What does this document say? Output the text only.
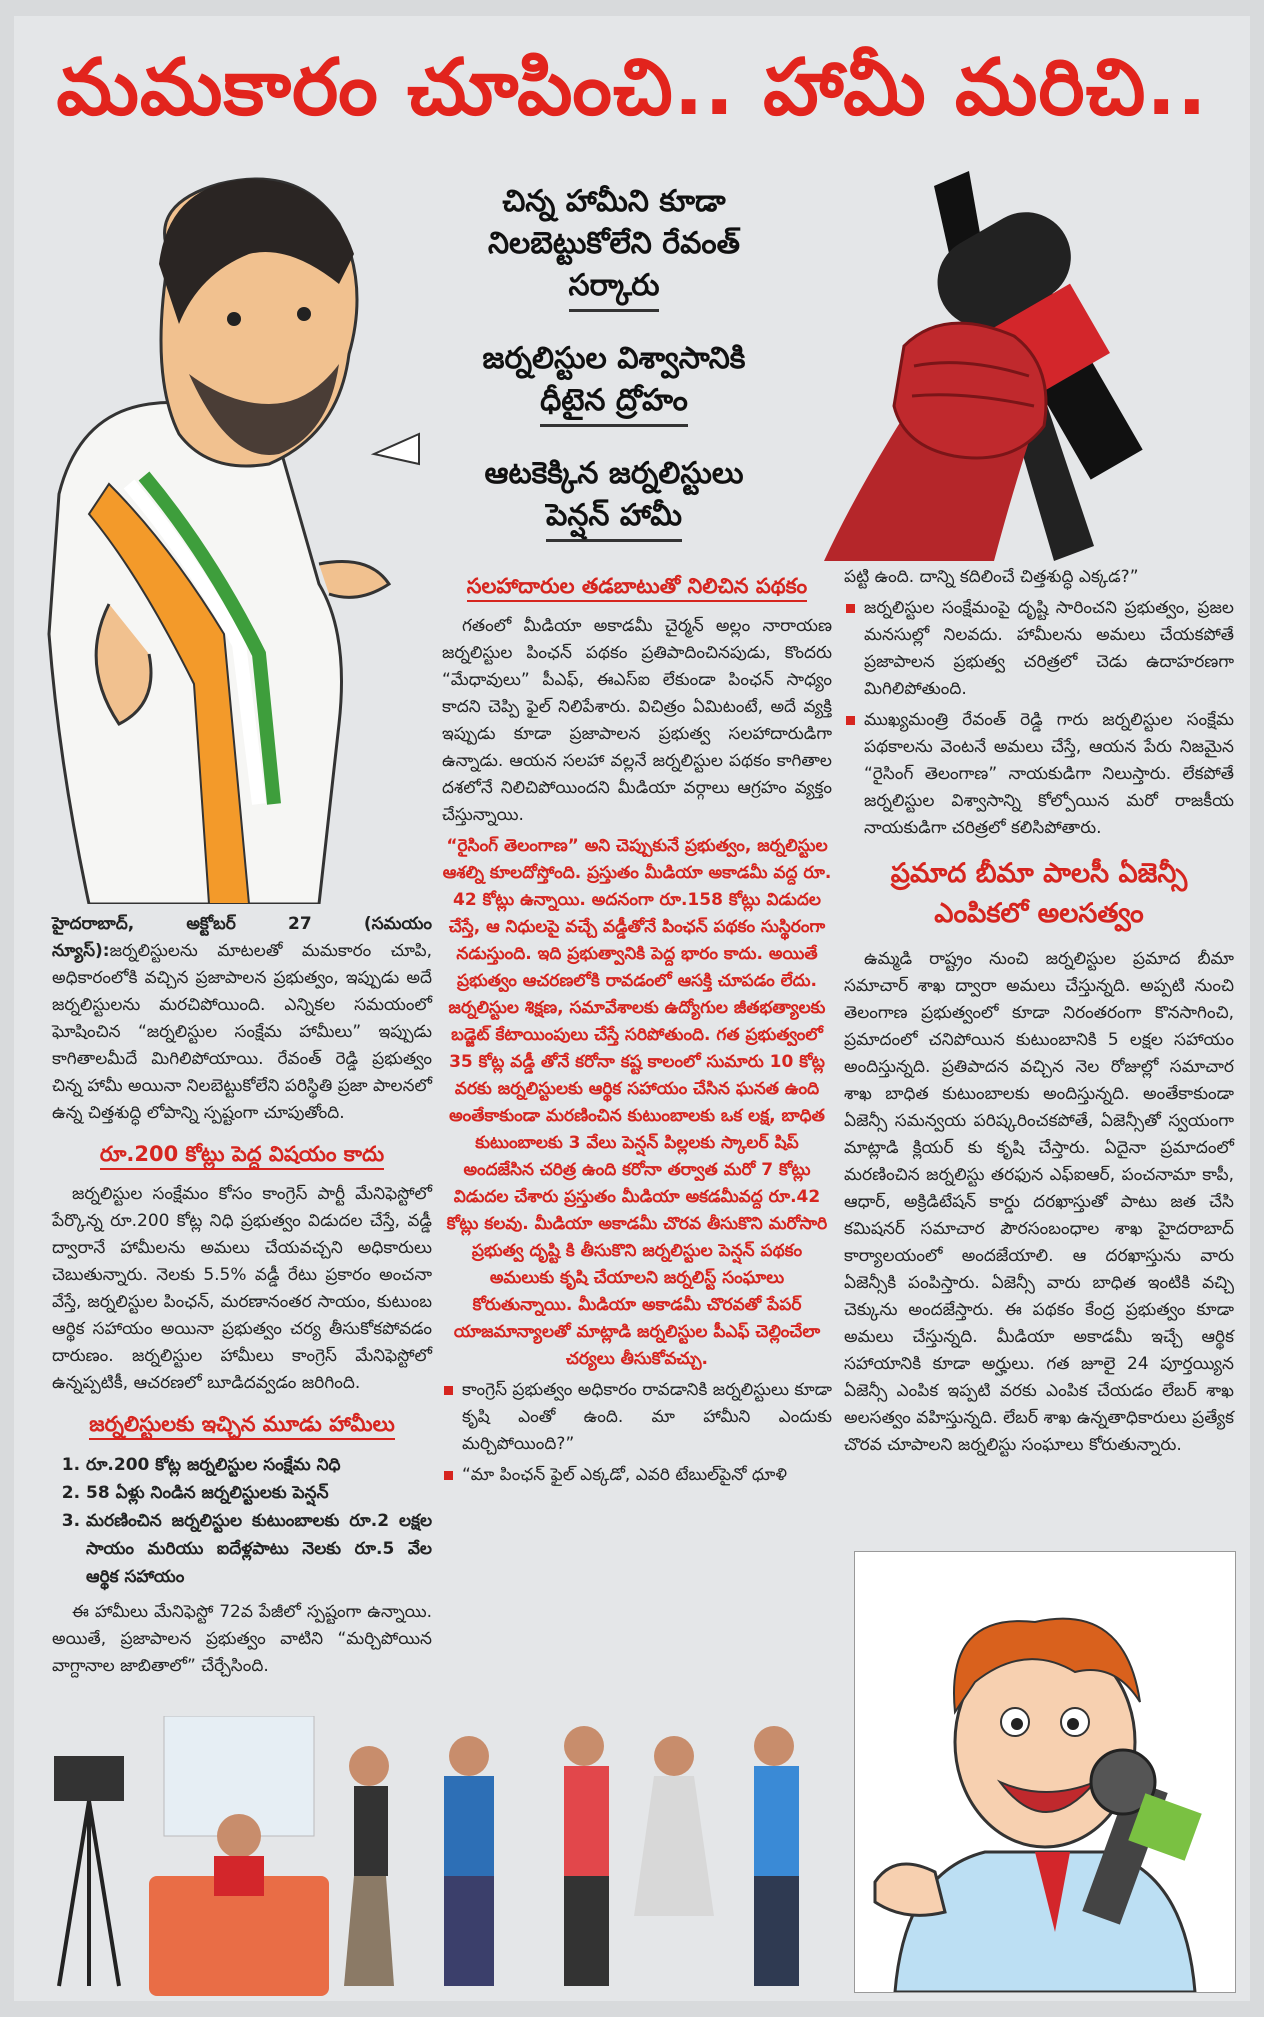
మమకారం చూపించి.. హామీ మరిచి..
చిన్న హామీని కూడా
నిలబెట్టుకోలేని రేవంత్
సర్కారు
జర్నలిస్టుల విశ్వాసానికి
ధీటైన ద్రోహం
ఆటకెక్కిన జర్నలిస్టులు
పెన్షన్ హామీ

హైదరాబాద్, అక్టోబర్ 27 (సమయం న్యూస్):జర్నలిస్టులను మాటలతో మమకారం చూపి, అధికారంలోకి వచ్చిన ప్రజాపాలన ప్రభుత్వం, ఇప్పుడు అదే జర్నలిస్టులను మరచిపోయింది. ఎన్నికల సమయంలో ఘోషించిన “జర్నలిస్టుల సంక్షేమ హామీలు” ఇప్పుడు కాగితాలమీదే మిగిలిపోయాయి. రేవంత్ రెడ్డి ప్రభుత్వం చిన్న హామీ అయినా నిలబెట్టుకోలేని పరిస్థితి ప్రజా పాలనలో ఉన్న చిత్తశుద్ధి లోపాన్ని స్పష్టంగా చూపుతోంది.

రూ.200 కోట్లు పెద్ద విషయం కాదు

జర్నలిస్టుల సంక్షేమం కోసం కాంగ్రెస్ పార్టీ మేనిఫెస్టోలో పేర్కొన్న రూ.200 కోట్ల నిధి ప్రభుత్వం విడుదల చేస్తే, వడ్డీ ద్వారానే హామీలను అమలు చేయవచ్చని అధికారులు చెబుతున్నారు. నెలకు 5.5% వడ్డీ రేటు ప్రకారం అంచనా వేస్తే, జర్నలిస్టుల పింఛన్, మరణానంతర సాయం, కుటుంబ ఆర్థిక సహాయం అయినా ప్రభుత్వం చర్య తీసుకోకపోవడం దారుణం. జర్నలిస్టుల హామీలు కాంగ్రెస్ మేనిఫెస్టోలో ఉన్నప్పటికీ, ఆచరణలో బూడిదవ్వడం జరిగింది.

జర్నలిస్టులకు ఇచ్చిన మూడు హామీలు
1. రూ.200 కోట్ల జర్నలిస్టుల సంక్షేమ నిధి
2. 58 ఏళ్లు నిండిన జర్నలిస్టులకు పెన్షన్
3. మరణించిన జర్నలిస్టుల కుటుంబాలకు రూ.2 లక్షల సాయం మరియు ఐదేళ్లపాటు నెలకు రూ.5 వేల ఆర్థిక సహాయం

ఈ హామీలు మేనిఫెస్టో 72వ పేజీలో స్పష్టంగా ఉన్నాయి. అయితే, ప్రజాపాలన ప్రభుత్వం వాటిని “మర్చిపోయిన వాగ్దానాల జాబితాలో” చేర్చేసింది.

సలహాదారుల తడబాటుతో నిలిచిన పథకం

గతంలో మీడియా అకాడమీ చైర్మన్ అల్లం నారాయణ జర్నలిస్టుల పింఛన్ పథకం ప్రతిపాదించినపుడు, కొందరు “మేధావులు” పీఎఫ్, ఈఎస్ఐ లేకుండా పింఛన్ సాధ్యం కాదని చెప్పి ఫైల్ నిలిపేశారు. విచిత్రం ఏమిటంటే, అదే వ్యక్తి ఇప్పుడు కూడా ప్రజాపాలన ప్రభుత్వ సలహాదారుడిగా ఉన్నాడు. ఆయన సలహా వల్లనే జర్నలిస్టుల పథకం కాగితాల దశలోనే నిలిచిపోయిందని మీడియా వర్గాలు ఆగ్రహం వ్యక్తం చేస్తున్నాయి.

“రైసింగ్ తెలంగాణ” అని చెప్పుకునే ప్రభుత్వం, జర్నలిస్టుల ఆశల్ని కూలదోస్తోంది. ప్రస్తుతం మీడియా అకాడమీ వద్ద రూ. 42 కోట్లు ఉన్నాయి. అదనంగా రూ.158 కోట్లు విడుదల చేస్తే, ఆ నిధులపై వచ్చే వడ్డీతోనే పింఛన్ పథకం సుస్థిరంగా నడుస్తుంది. ఇది ప్రభుత్వానికి పెద్ద భారం కాదు. అయితే ప్రభుత్వం ఆచరణలోకి రావడంలో ఆసక్తి చూపడం లేదు. జర్నలిస్టుల శిక్షణ, సమావేశాలకు ఉద్యోగుల జీతభత్యాలకు బడ్జెట్ కేటాయింపులు చేస్తే సరిపోతుంది. గత ప్రభుత్వంలో 35 కోట్ల వడ్డీ తోనే కరోనా కష్ట కాలంలో సుమారు 10 కోట్ల వరకు జర్నలిస్టులకు ఆర్థిక సహాయం చేసిన ఘనత ఉంది అంతేకాకుండా మరణించిన కుటుంబాలకు ఒక లక్ష, బాధిత కుటుంబాలకు 3 వేలు పెన్షన్ పిల్లలకు స్కాలర్ షిప్ అందజేసిన చరిత్ర ఉంది కరోనా తర్వాత మరో 7 కోట్లు విడుదల చేశారు ప్రస్తుతం మీడియా అకడమీవద్ద రూ.42 కోట్లు కలవు. మీడియా అకాడమీ చొరవ తీసుకొని మరోసారి ప్రభుత్వ దృష్టి కి తీసుకొని జర్నలిస్టుల పెన్షన్ పథకం అమలుకు కృషి చేయాలని జర్నలిస్ట్ సంఘాలు కోరుతున్నాయి. మీడియా అకాడమీ చొరవతో పేపర్ యాజమాన్యాలతో మాట్లాడి జర్నలిస్టుల పీఎఫ్ చెల్లించేలా చర్యలు తీసుకోవచ్చు.

కాంగ్రెస్ ప్రభుత్వం అధికారం రావడానికి జర్నలిస్టులు కూడా కృషి ఎంతో ఉంది. మా హామీని ఎందుకు మర్చిపోయింది?”

“మా పింఛన్ ఫైల్ ఎక్కడో, ఎవరి టేబుల్‌పైనో ధూళి

పట్టి ఉంది. దాన్ని కదిలించే చిత్తశుద్ధి ఎక్కడ?”

జర్నలిస్టుల సంక్షేమంపై దృష్టి సారించని ప్రభుత్వం, ప్రజల మనసుల్లో నిలవదు. హామీలను అమలు చేయకపోతే ప్రజాపాలన ప్రభుత్వ చరిత్రలో చెడు ఉదాహరణగా మిగిలిపోతుంది.

ముఖ్యమంత్రి రేవంత్ రెడ్డి గారు జర్నలిస్టుల సంక్షేమ పథకాలను వెంటనే అమలు చేస్తే, ఆయన పేరు నిజమైన “రైసింగ్ తెలంగాణ” నాయకుడిగా నిలుస్తారు. లేకపోతే జర్నలిస్టుల విశ్వాసాన్ని కోల్పోయిన మరో రాజకీయ నాయకుడిగా చరిత్రలో కలిసిపోతారు.

ప్రమాద బీమా పాలసీ ఏజెన్సీ
ఎంపికలో అలసత్వం

ఉమ్మడి రాష్ట్రం నుంచి జర్నలిస్టుల ప్రమాద బీమా సమాచార్ శాఖ ద్వారా అమలు చేస్తున్నది. అప్పటి నుంచి తెలంగాణ ప్రభుత్వంలో కూడా నిరంతరంగా కొనసాగించి, ప్రమాదంలో చనిపోయిన కుటుంబానికి 5 లక్షల సహాయం అందిస్తున్నది. ప్రతిపాదన వచ్చిన నెల రోజుల్లో సమాచార శాఖ బాధిత కుటుంబాలకు అందిస్తున్నది. అంతేకాకుండా ఏజెన్సీ సమన్వయ పరిష్కరించకపోతే, ఏజెన్సీతో స్వయంగా మాట్లాడి క్లియర్ కు కృషి చేస్తారు. ఏదైనా ప్రమాదంలో మరణించిన జర్నలిస్టు తరఫున ఎఫ్ఐఆర్, పంచనామా కాపీ, ఆధార్, అక్రిడిటేషన్ కార్డు దరఖాస్తుతో పాటు జత చేసి కమిషనర్ సమాచార పౌరసంబంధాల శాఖ హైదరాబాద్ కార్యాలయంలో అందజేయాలి. ఆ దరఖాస్తును వారు ఏజెన్సీకి పంపిస్తారు. ఏజెన్సీ వారు బాధిత ఇంటికి వచ్చి చెక్కును అందజేస్తారు. ఈ పథకం కేంద్ర ప్రభుత్వం కూడా అమలు చేస్తున్నది. మీడియా అకాడమీ ఇచ్చే ఆర్థిక సహాయానికి కూడా అర్హులు. గత జూలై 24 పూర్తయ్యిన ఏజెన్సీ ఎంపిక ఇప్పటి వరకు ఎంపిక చేయడం లేబర్ శాఖ అలసత్వం వహిస్తున్నది. లేబర్ శాఖ ఉన్నతాధికారులు ప్రత్యేక చొరవ చూపాలని జర్నలిస్టు సంఘాలు కోరుతున్నారు.
